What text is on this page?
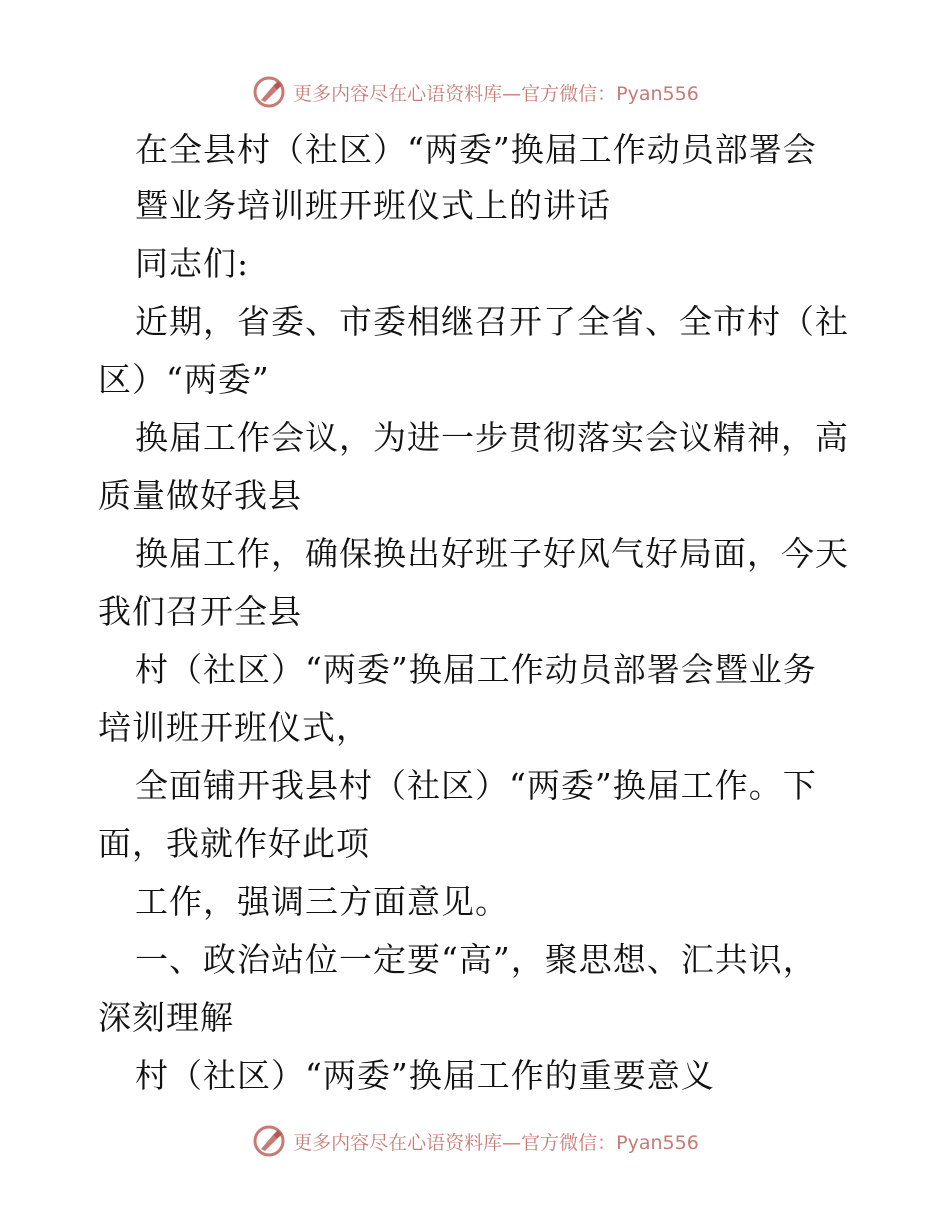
更多内容尽在心语资料库—官方微信：Pyan556
在全县村（社区）“两委”换届工作动员部署会
暨业务培训班开班仪式上的讲话
同志们:
近期，省委、市委相继召开了全省、全市村（社
区）“两委”
换届工作会议，为进一步贯彻落实会议精神，高
质量做好我县
换届工作，确保换出好班子好风气好局面，今天
我们召开全县
村（社区）“两委”换届工作动员部署会暨业务
培训班开班仪式，
全面铺开我县村（社区）“两委”换届工作。下
面，我就作好此项
工作，强调三方面意见。
一、政治站位一定要“高”，聚思想、汇共识，
深刻理解
村（社区）“两委”换届工作的重要意义
更多内容尽在心语资料库—官方微信：Pyan556
